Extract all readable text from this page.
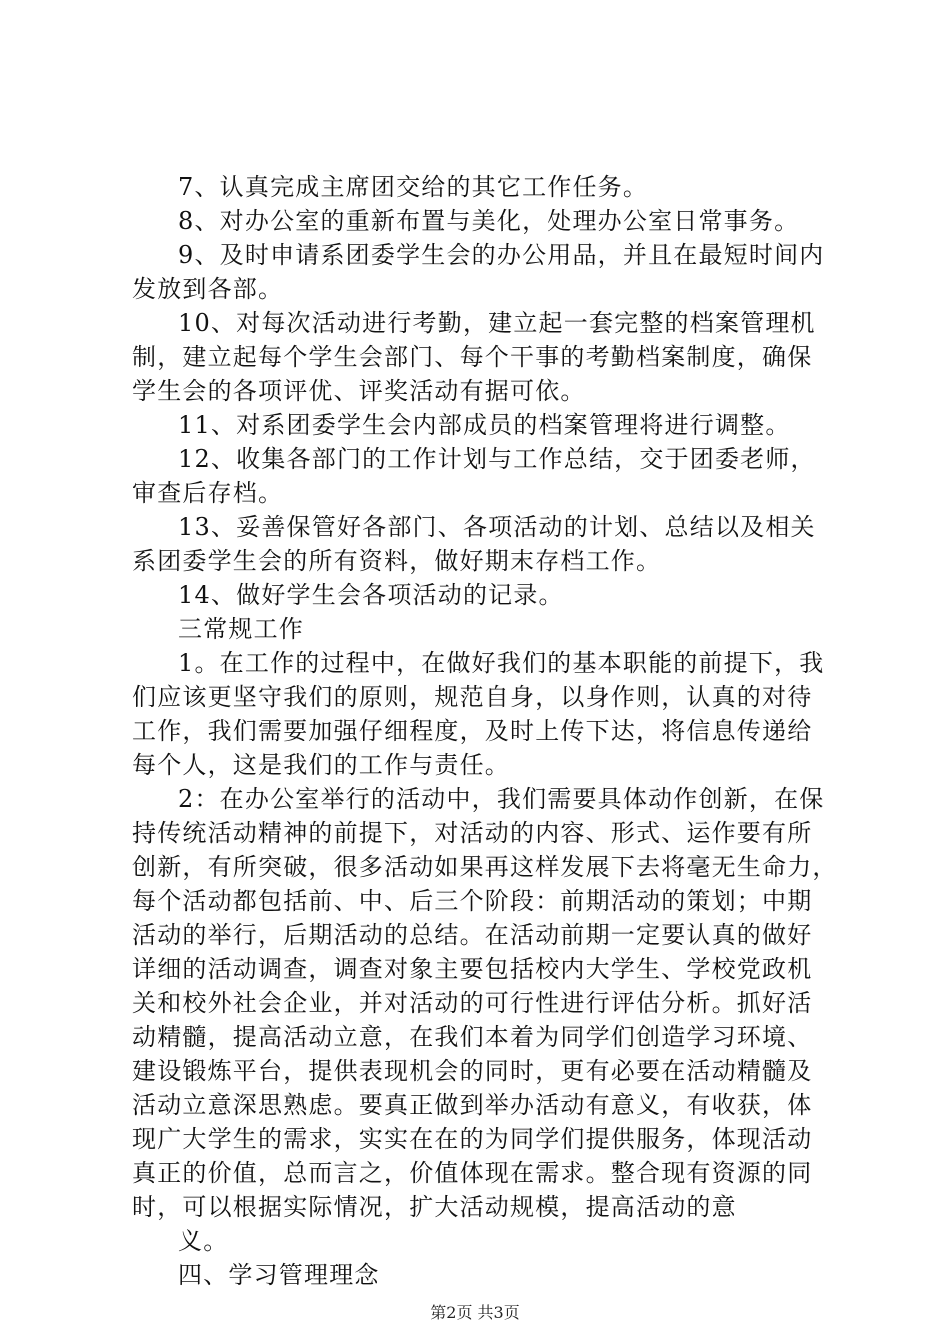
7、认真完成主席团交给的其它工作任务。
8、对办公室的重新布置与美化，处理办公室日常事务。
9、及时申请系团委学生会的办公用品，并且在最短时间内
发放到各部。
10、对每次活动进行考勤，建立起一套完整的档案管理机
制，建立起每个学生会部门、每个干事的考勤档案制度，确保
学生会的各项评优、评奖活动有据可依。
11、对系团委学生会内部成员的档案管理将进行调整。
12、收集各部门的工作计划与工作总结，交于团委老师，
审查后存档。
13、妥善保管好各部门、各项活动的计划、总结以及相关
系团委学生会的所有资料，做好期末存档工作。
14、做好学生会各项活动的记录。
三常规工作
1。在工作的过程中，在做好我们的基本职能的前提下，我
们应该更坚守我们的原则，规范自身，以身作则，认真的对待
工作，我们需要加强仔细程度，及时上传下达，将信息传递给
每个人，这是我们的工作与责任。
2：在办公室举行的活动中，我们需要具体动作创新，在保
持传统活动精神的前提下，对活动的内容、形式、运作要有所
创新，有所突破，很多活动如果再这样发展下去将毫无生命力，
每个活动都包括前、中、后三个阶段：前期活动的策划；中期
活动的举行，后期活动的总结。在活动前期一定要认真的做好
详细的活动调查，调查对象主要包括校内大学生、学校党政机
关和校外社会企业，并对活动的可行性进行评估分析。抓好活
动精髓，提高活动立意，在我们本着为同学们创造学习环境、
建设锻炼平台，提供表现机会的同时，更有必要在活动精髓及
活动立意深思熟虑。要真正做到举办活动有意义，有收获，体
现广大学生的需求，实实在在的为同学们提供服务，体现活动
真正的价值，总而言之，价值体现在需求。整合现有资源的同
时，可以根据实际情况，扩大活动规模，提高活动的意
义。
四、学习管理理念
第2页 共3页
